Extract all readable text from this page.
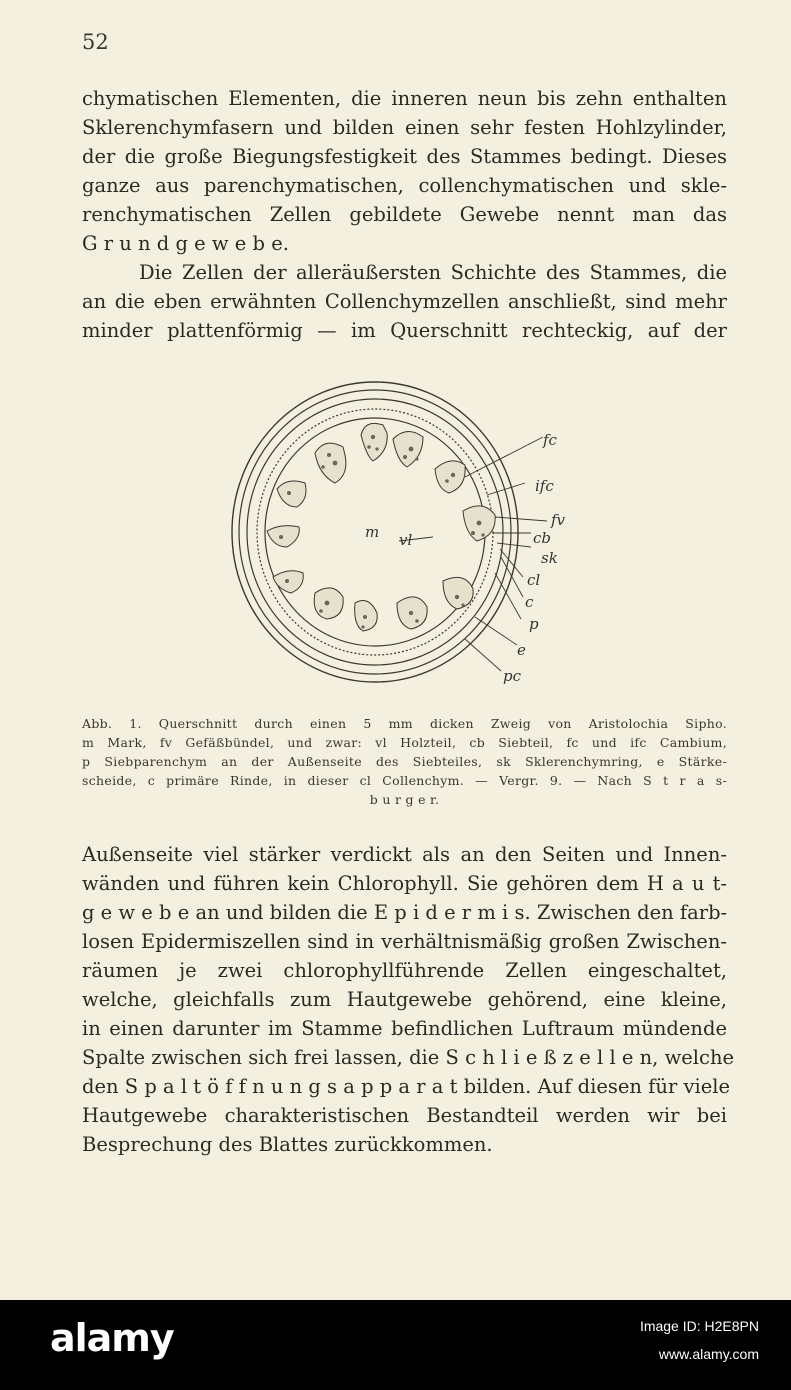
52
chymatischen Elementen, die inneren neun bis zehn enthalten
Sklerenchymfasern und bilden einen sehr festen Hohlzylinder,
der die große Biegungsfestigkeit des Stammes bedingt. Dieses
ganze aus parenchymatischen, collenchymatischen und skle-
renchymatischen Zellen gebildete Gewebe nennt man das
G r u n d g e w e b e.
Die Zellen der alleräußersten Schichte des Stammes, die
an die eben erwähnten Collenchymzellen anschließt, sind mehr
minder plattenförmig — im Querschnitt rechteckig, auf der
fc
ifc
fv
cb
sk
cl
c
p
e
pc
m vl
Abb. 1. Querschnitt durch einen 5 mm dicken Zweig von Aristolochia Sipho.
m Mark, fv Gefäßbündel, und zwar: vl Holzteil, cb Siebteil, fc und ifc Cambium,
p Siebparenchym an der Außenseite des Siebteiles, sk Sklerenchymring, e Stärke-
scheide, c primäre Rinde, in dieser cl Collenchym. — Vergr. 9. — Nach S t r a s-
b u r g e r.
Außenseite viel stärker verdickt als an den Seiten und Innen-
wänden und führen kein Chlorophyll. Sie gehören dem H a u t-
g e w e b e an und bilden die E p i d e r m i s. Zwischen den farb-
losen Epidermiszellen sind in verhältnismäßig großen Zwischen-
räumen je zwei chlorophyllführende Zellen eingeschaltet,
welche, gleichfalls zum Hautgewebe gehörend, eine kleine,
in einen darunter im Stamme befindlichen Luftraum mündende
Spalte zwischen sich frei lassen, die S c h l i e ß z e l l e n, welche
den S p a l t ö f f n u n g s a p p a r a t bilden. Auf diesen für viele
Hautgewebe charakteristischen Bestandteil werden wir bei
Besprechung des Blattes zurückkommen.
alamy	Image ID: H2E8PN
www.alamy.com
